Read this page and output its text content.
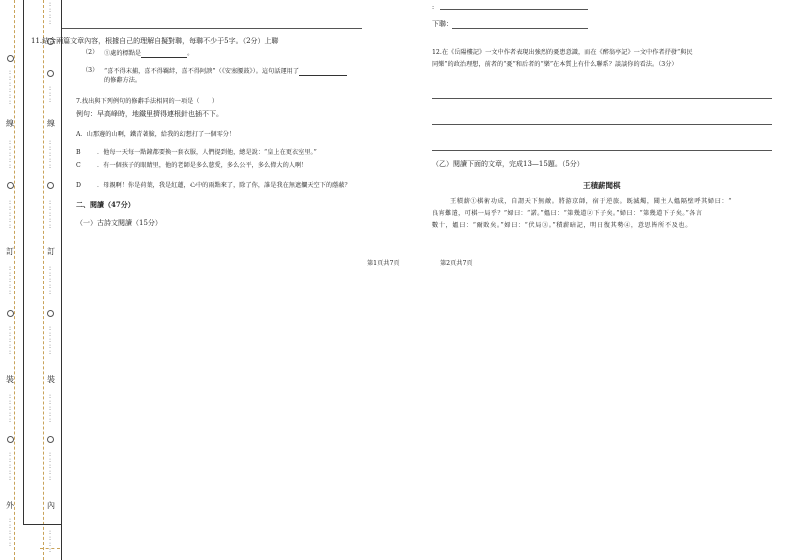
線
訂
裝
外
線
訂
裝
內
:
:
:
:
:
:
:
:
:
:
:
:
:
:
:
:
:
:
:
:
:
:
:
:
:
:
:
:
:
:
:
:
:
:
:
:
:
:
:
:
:
:
:
:
:
:
:
:
:
:
:
:
:
:
:
:
:
:
:
:
:
:
:
:
:
:
:
:
:
:
:
:
:
:
:
:
:
:
:
:
:
:
11.結合兩篇文章內容，根據自己的理解自擬對聯，每聯不少于5字。（2分）上聯
（2） ①處的標點是	。
（3） “喜不得末捕，喜不得羈絆，喜不得阿諛”（《安塞腰鼓》）。這句話運用了
的修辭方法。
7.找出與下列例句的修辭手法相同的一項是（　　）
例句：早高峰時，地鐵里擠得連根針也插不下。
A．山那邊的山啊，鐵青著臉，給我的幻想打了一個零分！
B	．他每一天每一點鐘都要換一套衣服，人們提到他，總是說：“皇上在更衣室里。”
C	．有一個孩子的眼睛里，他的老師是多么慈愛，多么公平，多么偉大的人啊！
D	．母親啊！你是荷葉，我是紅蓮，心中的雨點來了，除了你，誰是我在無遮攔天空下的蔭蔽？
二、閱讀（47分）
（一）古詩文閱讀（15分）
第1頁共7頁
:
下聯：
12.在《岳陽樓記》一文中作者表現出強烈的憂患意識，而在《醉翁亭記》一文中作者抒發“與民
同樂”的政治理想，前者的“憂”和后者的“樂”在本質上有什么聯系？談談你的看法。（3分）
（乙）閱讀下面的文章，完成13—15題。（5分）
王積薪聞棋
王積薪①棋術功成，自謂天下無敵。將游京師，宿于逆旅。既滅燭，聞主人媼隔壁呼其婦曰：“
良宵難遣，可棋一局乎？”婦曰：“諾。”媼曰：“第幾道②下子矣。”婦曰：“第幾道下子矣。”各言
數十，媼曰：“爾敗矣。”婦曰：“伏局③。”積薪暗記，明日復其勢④，意思皆所不及也。
第2頁共7頁
